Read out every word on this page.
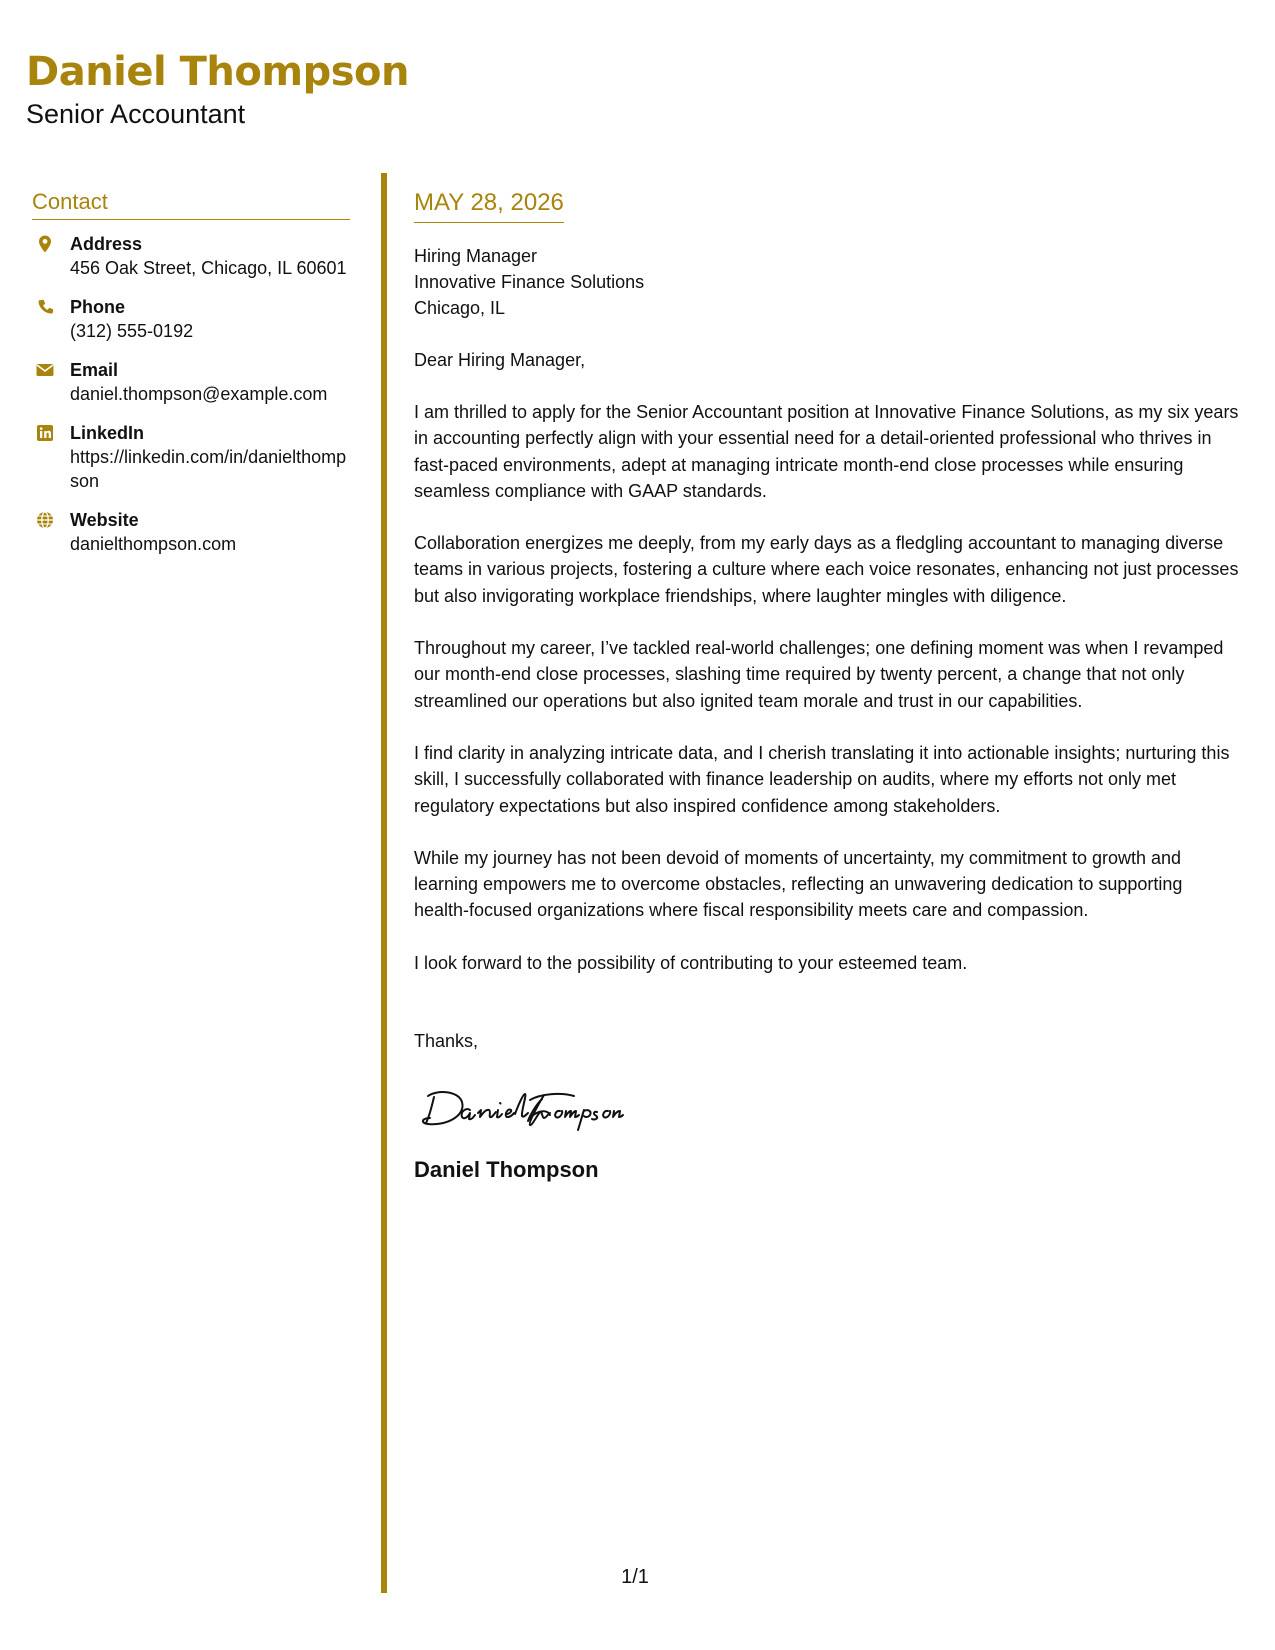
Daniel Thompson
Senior Accountant
Contact
Address
456 Oak Street, Chicago, IL 60601
Phone
(312) 555-0192
Email
daniel.thompson@example.com
LinkedIn
https://linkedin.com/in/danielthompson
Website
danielthompson.com
MAY 28, 2026
Hiring Manager
Innovative Finance Solutions
Chicago, IL
Dear Hiring Manager,
I am thrilled to apply for the Senior Accountant position at Innovative Finance Solutions, as my six years in accounting perfectly align with your essential need for a detail-oriented professional who thrives in fast-paced environments, adept at managing intricate month-end close processes while ensuring seamless compliance with GAAP standards.
Collaboration energizes me deeply, from my early days as a fledgling accountant to managing diverse teams in various projects, fostering a culture where each voice resonates, enhancing not just processes but also invigorating workplace friendships, where laughter mingles with diligence.
Throughout my career, I’ve tackled real-world challenges; one defining moment was when I revamped our month-end close processes, slashing time required by twenty percent, a change that not only streamlined our operations but also ignited team morale and trust in our capabilities.
I find clarity in analyzing intricate data, and I cherish translating it into actionable insights; nurturing this skill, I successfully collaborated with finance leadership on audits, where my efforts not only met regulatory expectations but also inspired confidence among stakeholders.
While my journey has not been devoid of moments of uncertainty, my commitment to growth and learning empowers me to overcome obstacles, reflecting an unwavering dedication to supporting health-focused organizations where fiscal responsibility meets care and compassion.
I look forward to the possibility of contributing to your esteemed team.
Thanks,
Daniel Thompson
1/1
